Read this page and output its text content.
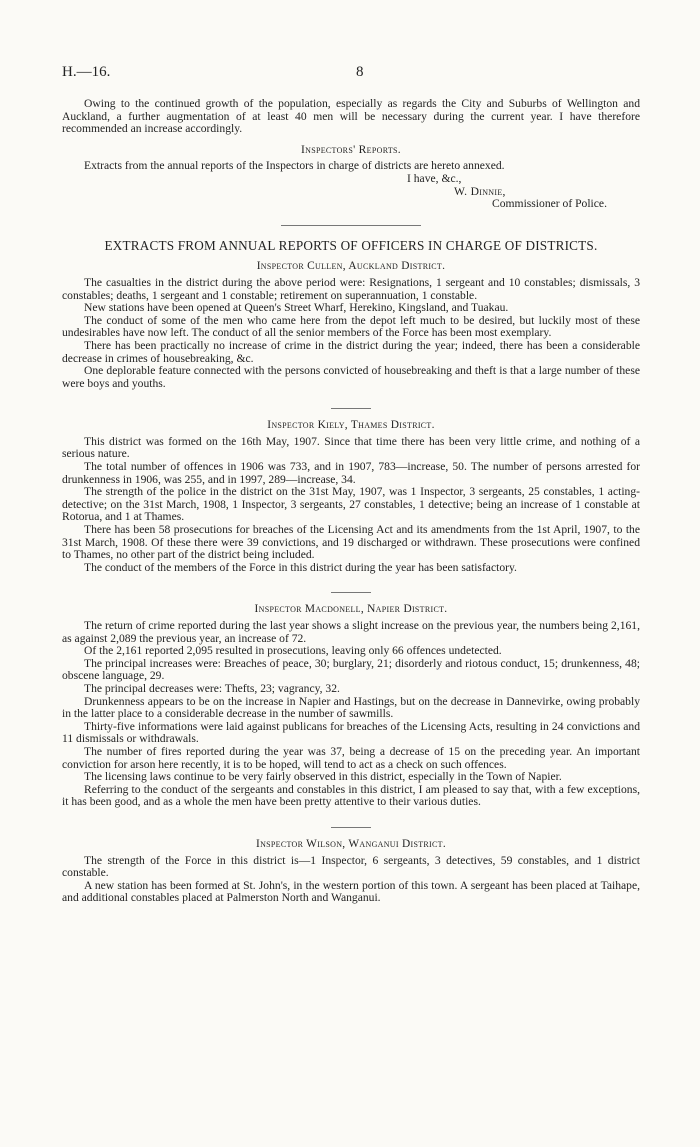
H.—16.	8

Owing to the continued growth of the population, especially as regards the City and Suburbs of Wellington and Auckland, a further augmentation of at least 40 men will be necessary during the current year. I have therefore recommended an increase accordingly.

Inspectors' Reports.

Extracts from the annual reports of the Inspectors in charge of districts are hereto annexed.

I have, &c.,

W. Dinnie,

Commissioner of Police.

EXTRACTS FROM ANNUAL REPORTS OF OFFICERS IN CHARGE OF DISTRICTS.
Inspector Cullen, Auckland District.

The casualties in the district during the above period were: Resignations, 1 sergeant and 10 constables; dismissals, 3 constables; deaths, 1 sergeant and 1 constable; retirement on superannuation, 1 constable.

New stations have been opened at Queen's Street Wharf, Herekino, Kingsland, and Tuakau.

The conduct of some of the men who came here from the depot left much to be desired, but luckily most of these undesirables have now left. The conduct of all the senior members of the Force has been most exemplary.

There has been practically no increase of crime in the district during the year; indeed, there has been a considerable decrease in crimes of housebreaking, &c.

One deplorable feature connected with the persons convicted of housebreaking and theft is that a large number of these were boys and youths.

Inspector Kiely, Thames District.

This district was formed on the 16th May, 1907. Since that time there has been very little crime, and nothing of a serious nature.

The total number of offences in 1906 was 733, and in 1907, 783—increase, 50. The number of persons arrested for drunkenness in 1906, was 255, and in 1997, 289—increase, 34.

The strength of the police in the district on the 31st May, 1907, was 1 Inspector, 3 sergeants, 25 constables, 1 acting-detective; on the 31st March, 1908, 1 Inspector, 3 sergeants, 27 constables, 1 detective; being an increase of 1 constable at Rotorua, and 1 at Thames.

There has been 58 prosecutions for breaches of the Licensing Act and its amendments from the 1st April, 1907, to the 31st March, 1908. Of these there were 39 convictions, and 19 discharged or withdrawn. These prosecutions were confined to Thames, no other part of the district being included.

The conduct of the members of the Force in this district during the year has been satisfactory.

Inspector Macdonell, Napier District.

The return of crime reported during the last year shows a slight increase on the previous year, the numbers being 2,161, as against 2,089 the previous year, an increase of 72.

Of the 2,161 reported 2,095 resulted in prosecutions, leaving only 66 offences undetected.

The principal increases were: Breaches of peace, 30; burglary, 21; disorderly and riotous conduct, 15; drunkenness, 48; obscene language, 29.

The principal decreases were: Thefts, 23; vagrancy, 32.

Drunkenness appears to be on the increase in Napier and Hastings, but on the decrease in Dannevirke, owing probably in the latter place to a considerable decrease in the number of sawmills.

Thirty-five informations were laid against publicans for breaches of the Licensing Acts, resulting in 24 convictions and 11 dismissals or withdrawals.

The number of fires reported during the year was 37, being a decrease of 15 on the preceding year. An important conviction for arson here recently, it is to be hoped, will tend to act as a check on such offences.

The licensing laws continue to be very fairly observed in this district, especially in the Town of Napier.

Referring to the conduct of the sergeants and constables in this district, I am pleased to say that, with a few exceptions, it has been good, and as a whole the men have been pretty attentive to their various duties.

Inspector Wilson, Wanganui District.

The strength of the Force in this district is—1 Inspector, 6 sergeants, 3 detectives, 59 constables, and 1 district constable.

A new station has been formed at St. John's, in the western portion of this town. A sergeant has been placed at Taihape, and additional constables placed at Palmerston North and Wanganui.
